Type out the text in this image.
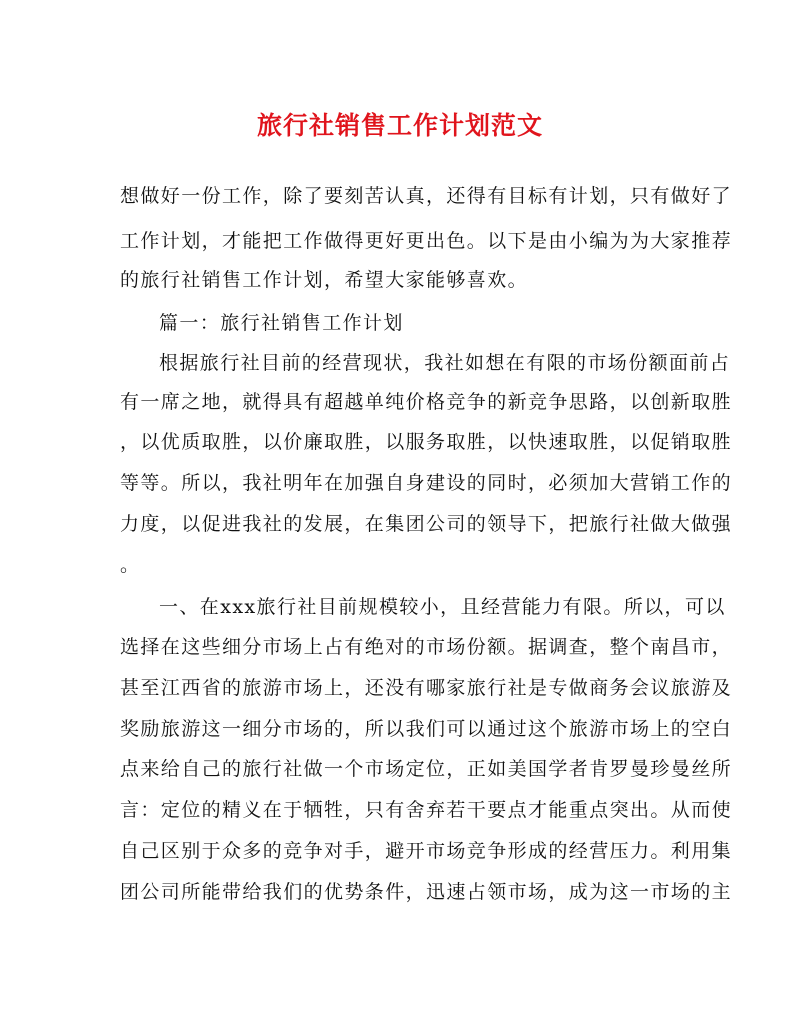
旅行社销售工作计划范文
想做好一份工作，除了要刻苦认真，还得有目标有计划，只有做好了
工作计划，才能把工作做得更好更出色。以下是由小编为为大家推荐
的旅行社销售工作计划，希望大家能够喜欢。
篇一：旅行社销售工作计划
根据旅行社目前的经营现状，我社如想在有限的市场份额面前占
有一席之地，就得具有超越单纯价格竞争的新竞争思路，以创新取胜
，以优质取胜，以价廉取胜，以服务取胜，以快速取胜，以促销取胜
等等。所以，我社明年在加强自身建设的同时，必须加大营销工作的
力度，以促进我社的发展，在集团公司的领导下，把旅行社做大做强
。
一、在xxx旅行社目前规模较小，且经营能力有限。所以，可以
选择在这些细分市场上占有绝对的市场份额。据调查，整个南昌市，
甚至江西省的旅游市场上，还没有哪家旅行社是专做商务会议旅游及
奖励旅游这一细分市场的，所以我们可以通过这个旅游市场上的空白
点来给自己的旅行社做一个市场定位，正如美国学者肯罗曼珍曼丝所
言：定位的精义在于牺牲，只有舍弃若干要点才能重点突出。从而使
自己区别于众多的竞争对手，避开市场竞争形成的经营压力。利用集
团公司所能带给我们的优势条件，迅速占领市场，成为这一市场的主
